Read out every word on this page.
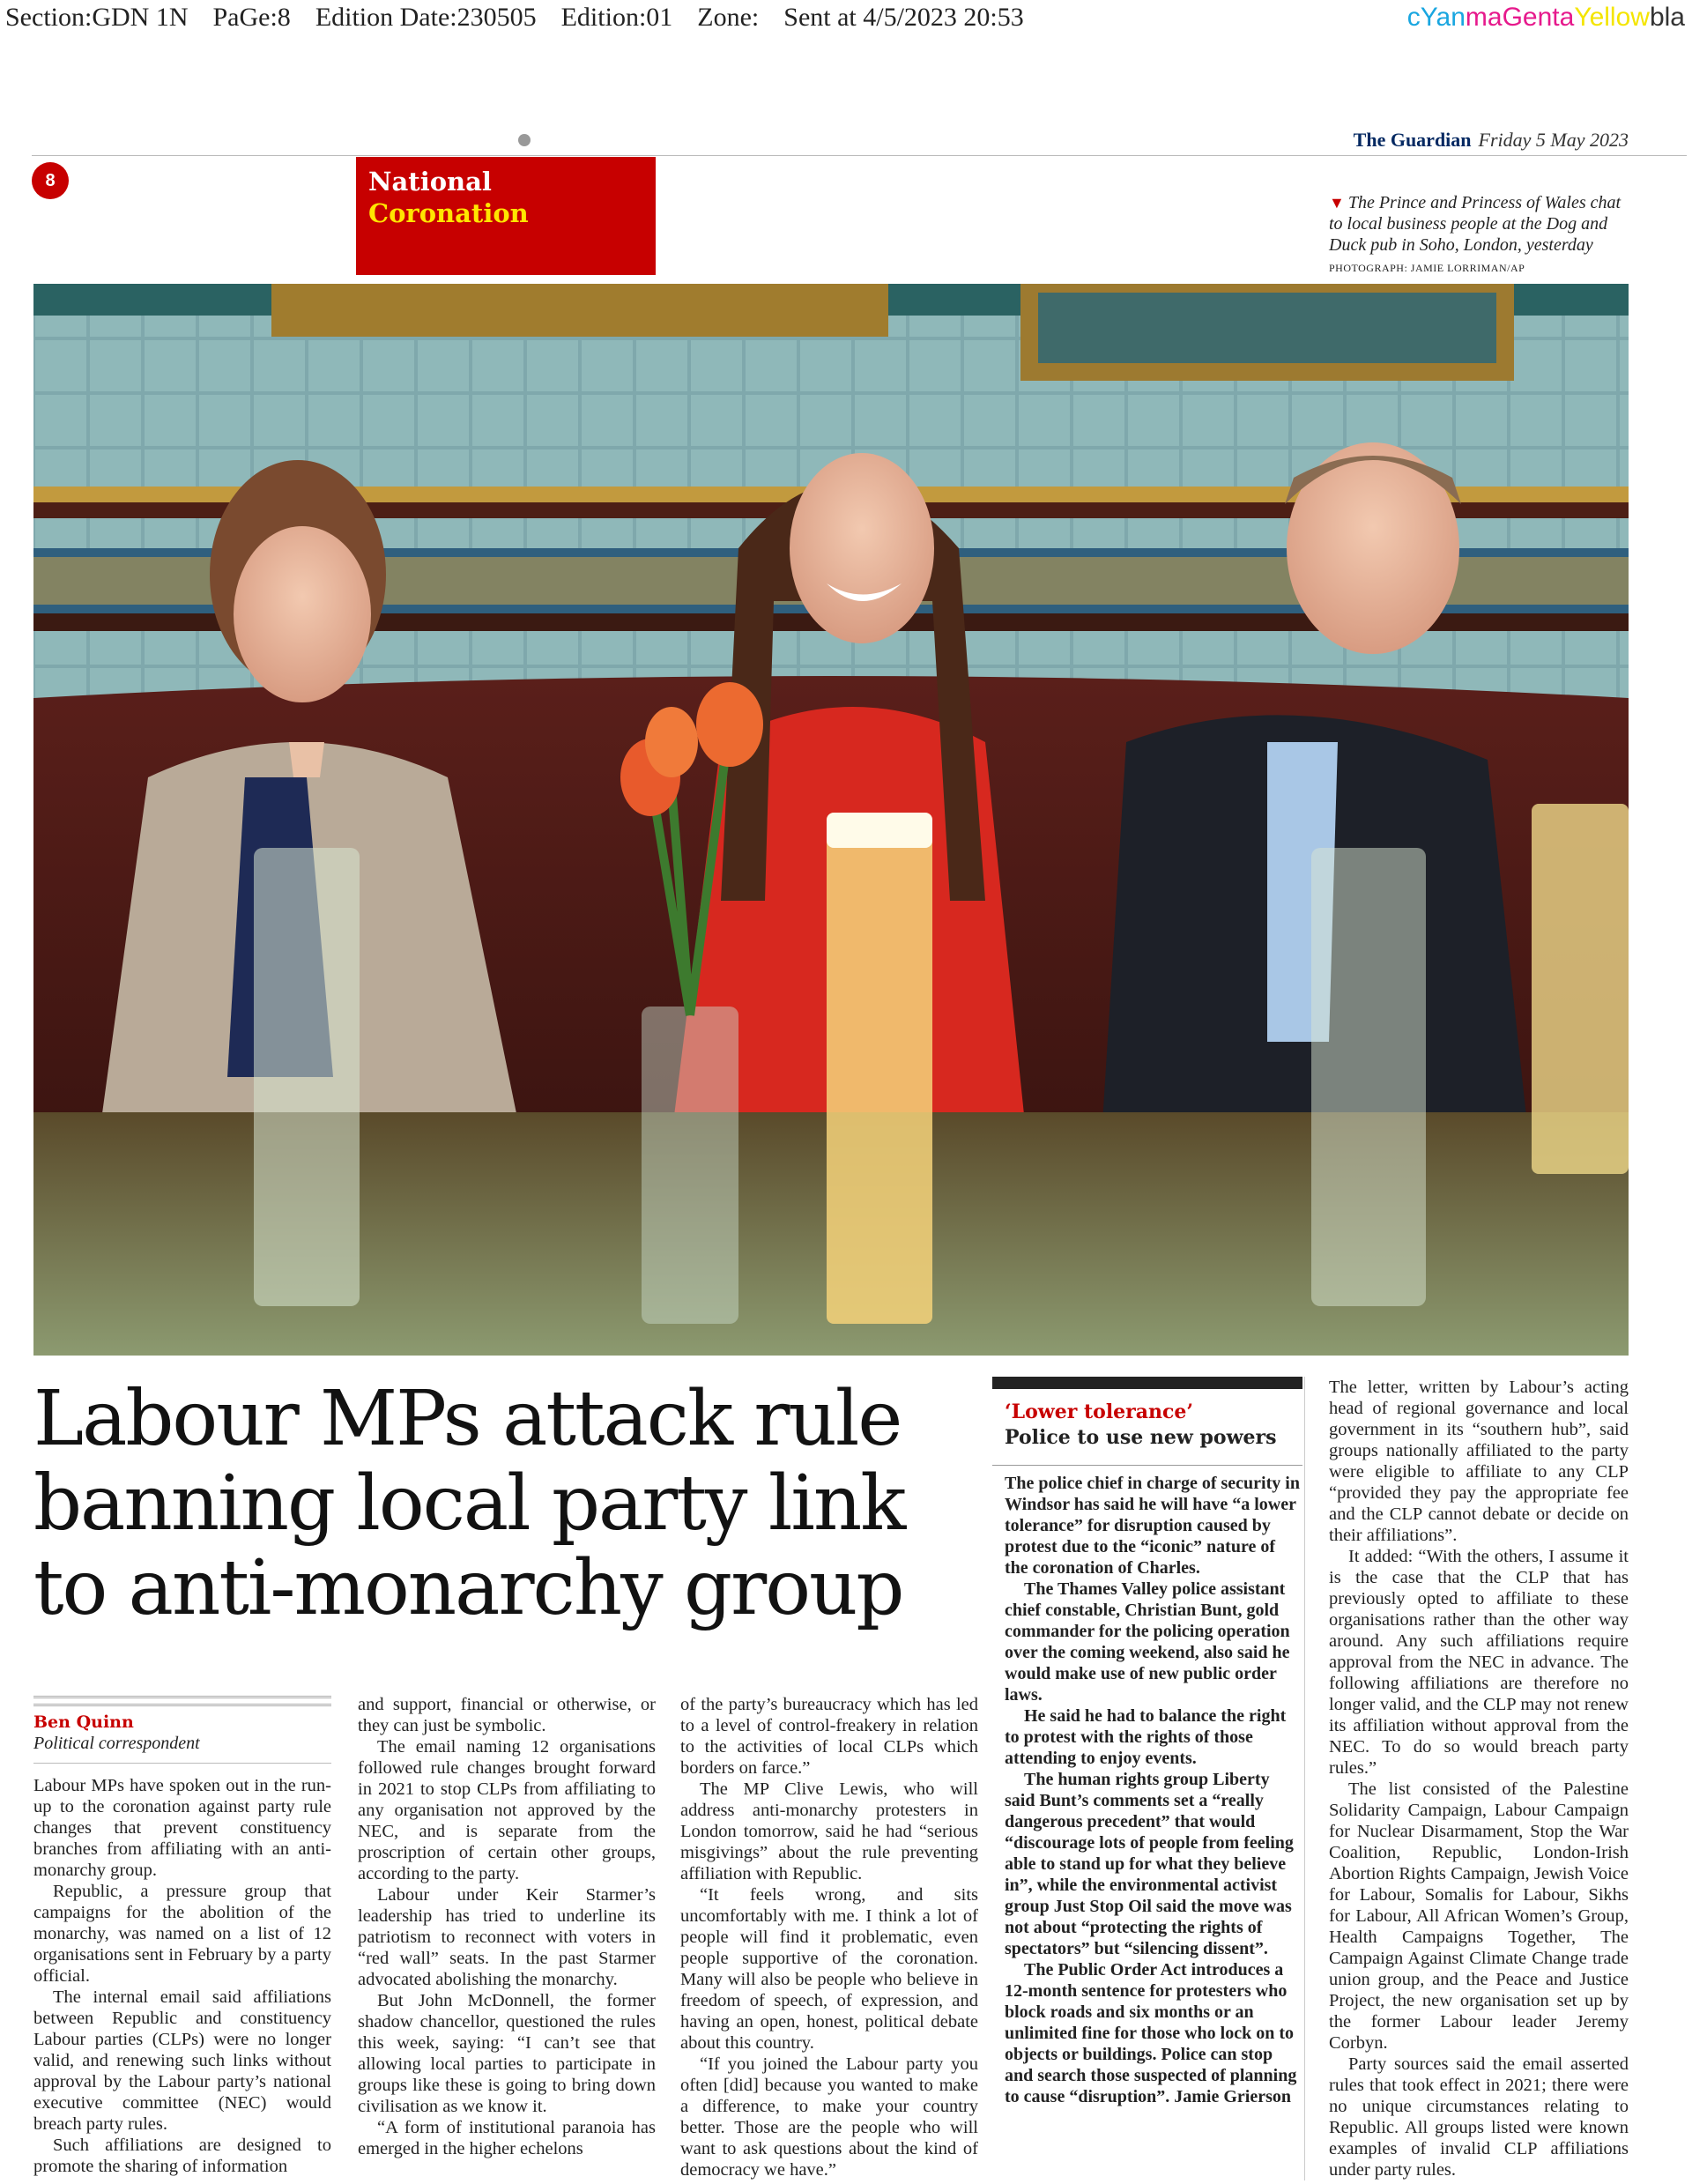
Section:GDN 1N PaGe:8 Edition Date:230505 Edition:01 Zone: Sent at 4/5/2023 20:53	cYanmaGentaYellowbla
The Guardian Friday 5 May 2023
8	National
Coronation	▼ The Prince and Princess of Wales chat to local business people at the Dog and Duck pub in Soho, London, yesterday PHOTOGRAPH: JAMIE LORRIMAN/AP
Labour MPs attack rule banning local party link to anti-monarchy group
Ben Quinn
Political correspondent

Labour MPs have spoken out in the run-up to the coronation against party rule changes that prevent constituency branches from affiliating with an anti-monarchy group.

Republic, a pressure group that campaigns for the abolition of the monarchy, was named on a list of 12 organisations sent in February by a party official.

The internal email said affiliations between Republic and constituency Labour parties (CLPs) were no longer valid, and renewing such links without approval by the Labour party’s national executive committee (NEC) would breach party rules.

Such affiliations are designed to promote the sharing of information

and support, financial or otherwise, or they can just be symbolic.

The email naming 12 organisations followed rule changes brought forward in 2021 to stop CLPs from affiliating to any organisation not approved by the NEC, and is separate from the proscription of certain other groups, according to the party.

Labour under Keir Starmer’s leadership has tried to underline its patriotism to reconnect with voters in “red wall” seats. In the past Starmer advocated abolishing the monarchy.

But John McDonnell, the former shadow chancellor, questioned the rules this week, saying: “I can’t see that allowing local parties to participate in groups like these is going to bring down civilisation as we know it.

“A form of institutional paranoia has emerged in the higher echelons

of the party’s bureaucracy which has led to a level of control-freakery in relation to the activities of local CLPs which borders on farce.”

The MP Clive Lewis, who will address anti-monarchy protesters in London tomorrow, said he had “serious misgivings” about the rule preventing affiliation with Republic.

“It feels wrong, and sits uncomfortably with me. I think a lot of people will find it problematic, even people supportive of the coronation. Many will also be people who believe in freedom of speech, of expression, and having an open, honest, political debate about this country.

“If you joined the Labour party you often [did] because you wanted to make a difference, to make your country better. Those are the people who will want to ask questions about the kind of democracy we have.”

‘Lower tolerance’
Police to use new powers

The police chief in charge of security in Windsor has said he will have “a lower tolerance” for disruption caused by protest due to the “iconic” nature of the coronation of Charles.

The Thames Valley police assistant chief constable, Christian Bunt, gold commander for the policing operation over the coming weekend, also said he would make use of new public order laws.

He said he had to balance the right to protest with the rights of those attending to enjoy events.

The human rights group Liberty said Bunt’s comments set a “really dangerous precedent” that would “discourage lots of people from feeling able to stand up for what they believe in”, while the environmental activist group Just Stop Oil said the move was not about “protecting the rights of spectators” but “silencing dissent”.

The Public Order Act introduces a 12-month sentence for protesters who block roads and six months or an unlimited fine for those who lock on to objects or buildings. Police can stop and search those suspected of planning to cause “disruption”. Jamie Grierson

The letter, written by Labour’s acting head of regional governance and local government in its “southern hub”, said groups nationally affiliated to the party were eligible to affiliate to any CLP “provided they pay the appropriate fee and the CLP cannot debate or decide on their affiliations”.

It added: “With the others, I assume it is the case that the CLP that has previously opted to affiliate to these organisations rather than the other way around. Any such affiliations require approval from the NEC in advance. The following affiliations are therefore no longer valid, and the CLP may not renew its affiliation without approval from the NEC. To do so would breach party rules.”

The list consisted of the Palestine Solidarity Campaign, Labour Campaign for Nuclear Disarmament, Stop the War Coalition, Republic, London-Irish Abortion Rights Campaign, Jewish Voice for Labour, Somalis for Labour, Sikhs for Labour, All African Women’s Group, Health Campaigns Together, The Campaign Against Climate Change trade union group, and the Peace and Justice Project, the new organisation set up by the former Labour leader Jeremy Corbyn.

Party sources said the email asserted rules that took effect in 2021; there were no unique circumstances relating to Republic. All groups listed were known examples of invalid CLP affiliations under party rules.
